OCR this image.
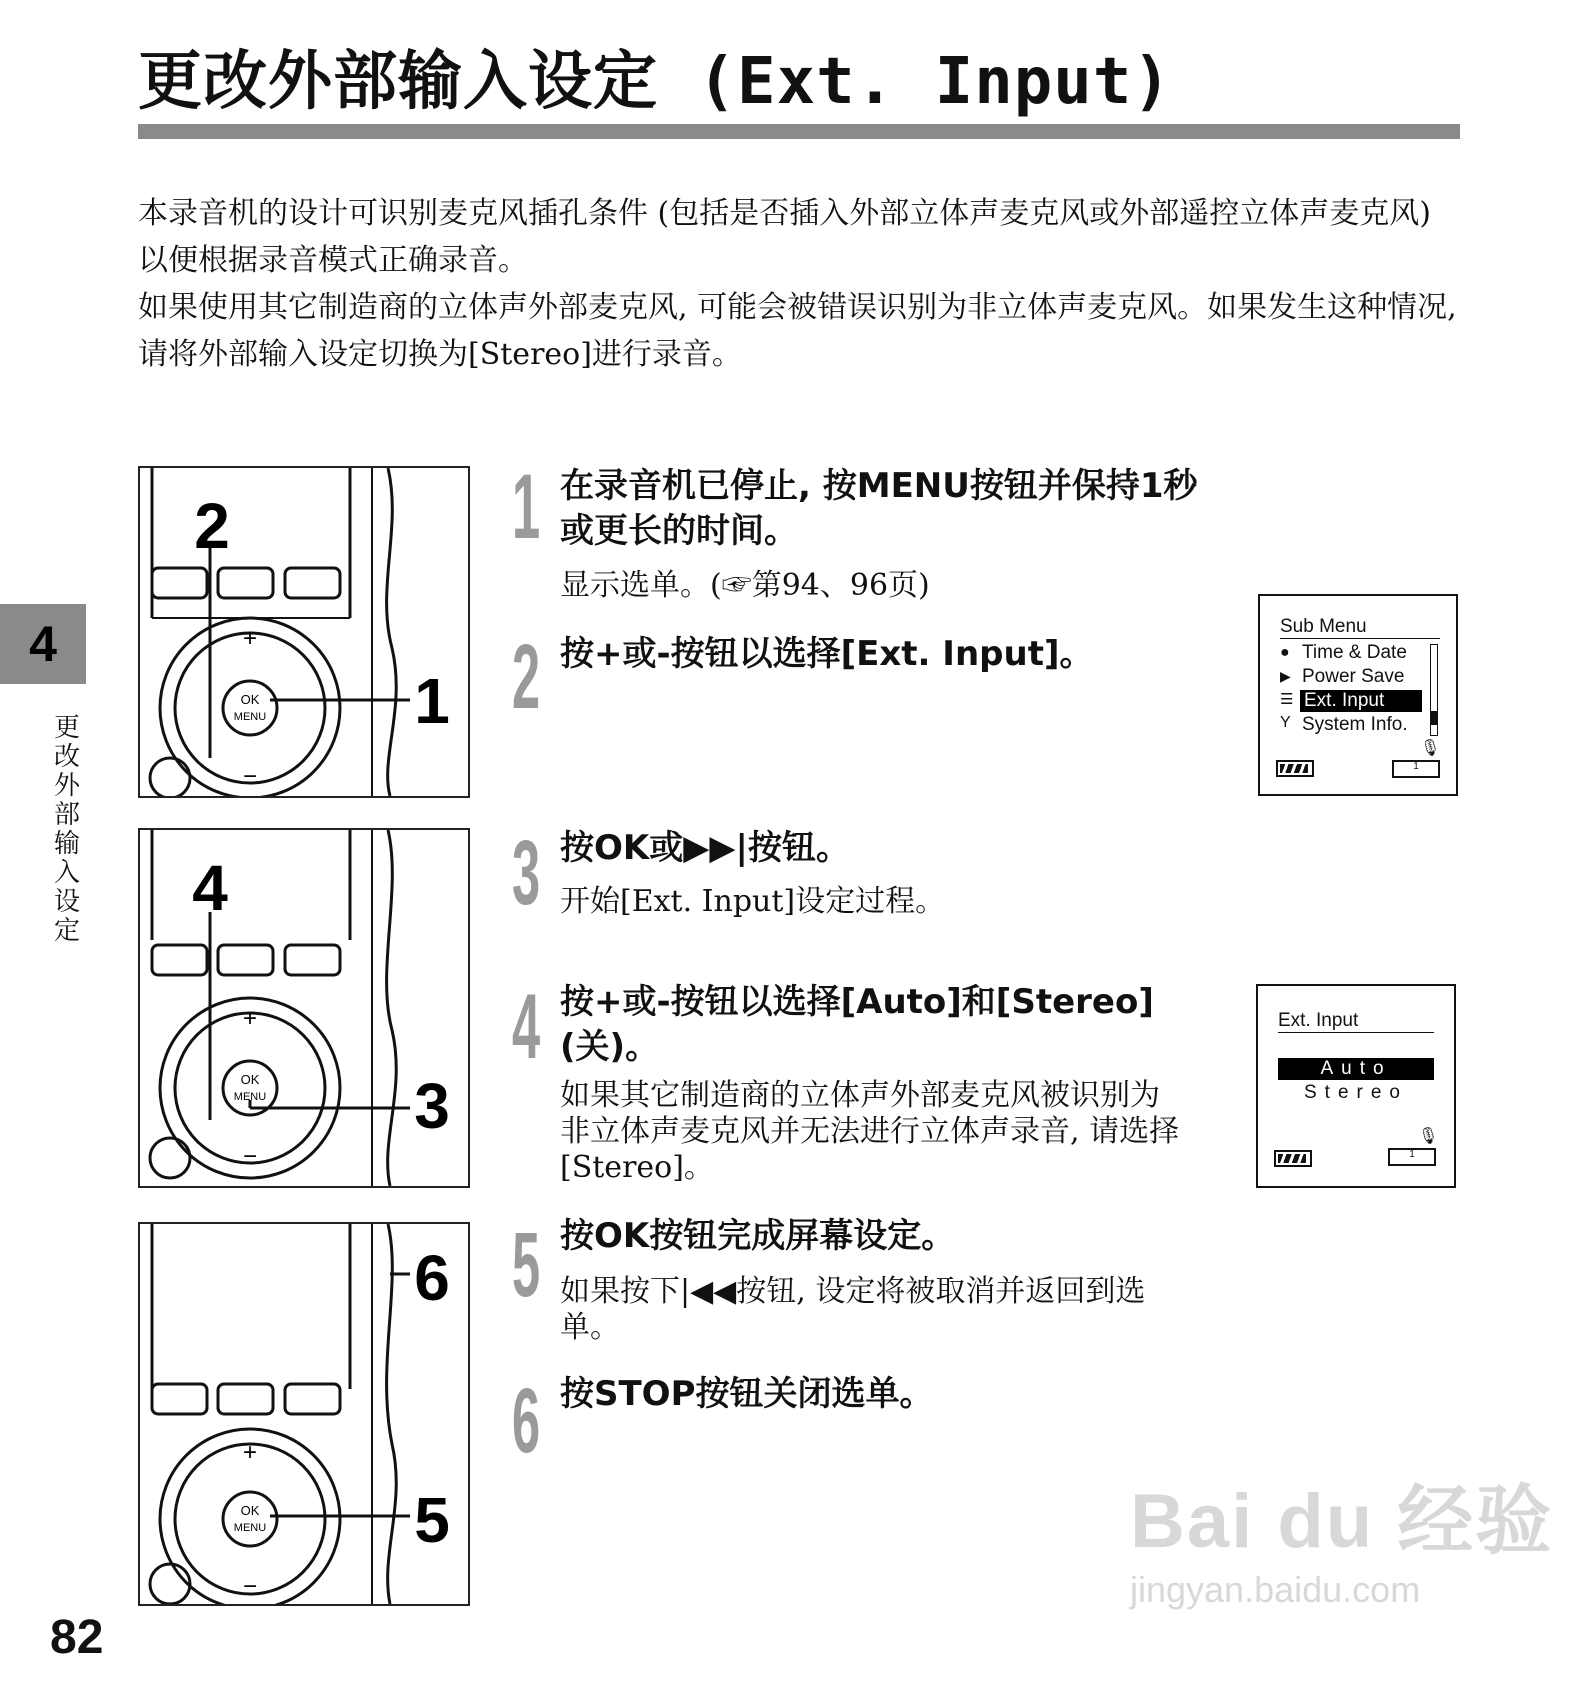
更改外部输入设定 (Ext. Input)
本录音机的设计可识别麦克风插孔条件 (包括是否插入外部立体声麦克风或外部遥控立体声麦克风) 以便根据录音模式正确录音。
如果使用其它制造商的立体声外部麦克风, 可能会被错误识别为非立体声麦克风。如果发生这种情况, 请将外部输入设定切换为[Stereo]进行录音。
4
更改外部输入设定
82
+
−
OK
MENU
2
1
+
−
OK
MENU
4
3
+
−
OK
MENU
6
5
1 在录音机已停止, 按MENU按钮并保持1秒或更长的时间。
显示选单。(☞第94、96页)
2 按+或-按钮以选择[Ext. Input]。
3 按OK或▶▶|按钮。
开始[Ext. Input]设定过程。
4 按+或-按钮以选择[Auto]和[Stereo] (关)。
如果其它制造商的立体声外部麦克风被识别为非立体声麦克风并无法进行立体声录音, 请选择[Stereo]。
5 按OK按钮完成屏幕设定。
如果按下|◀◀按钮, 设定将被取消并返回到选单。
6 按STOP按钮关闭选单。
Sub Menu
●
▶
☰
Y
Time & Date
Power Save
Ext. Input
System Info.
🎙
1
Ext. Input
Auto
Stereo
🎙
1
Bai du 经验
jingyan.baidu.com
